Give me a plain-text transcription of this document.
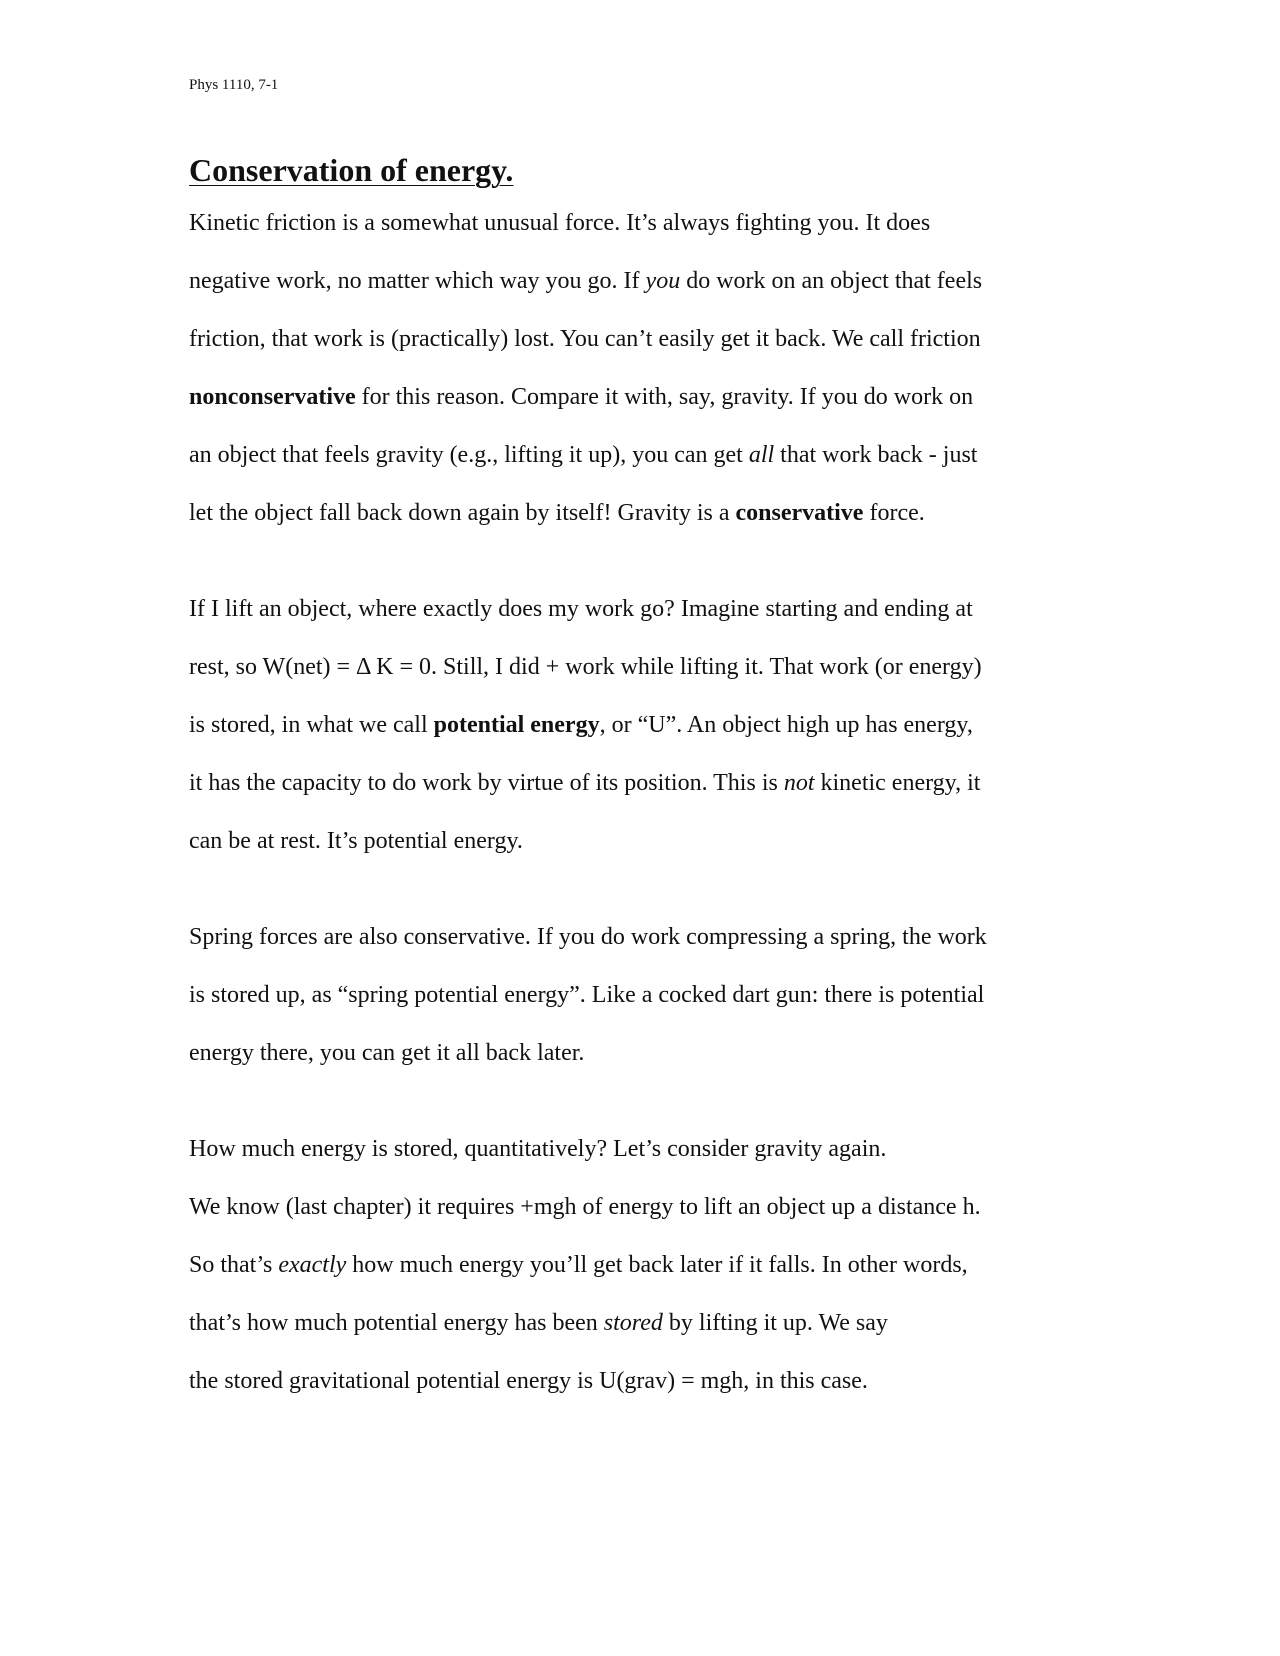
Phys 1110, 7-1
Conservation of energy.
Kinetic friction is a somewhat unusual force. It’s always fighting you. It does
negative work, no matter which way you go. If you do work on an object that feels
friction, that work is (practically) lost. You can’t easily get it back. We call friction
nonconservative for this reason. Compare it with, say, gravity. If you do work on
an object that feels gravity (e.g., lifting it up), you can get all that work back - just
let the object fall back down again by itself! Gravity is a conservative force.
If I lift an object, where exactly does my work go? Imagine starting and ending at
rest, so W(net) = Δ K = 0. Still, I did + work while lifting it. That work (or energy)
is stored, in what we call potential energy, or “U”. An object high up has energy,
it has the capacity to do work by virtue of its position. This is not kinetic energy, it
can be at rest. It’s potential energy.
Spring forces are also conservative. If you do work compressing a spring, the work
is stored up, as “spring potential energy”. Like a cocked dart gun: there is potential
energy there, you can get it all back later.
How much energy is stored, quantitatively? Let’s consider gravity again.
We know (last chapter) it requires +mgh of energy to lift an object up a distance h.
So that’s exactly how much energy you’ll get back later if it falls. In other words,
that’s how much potential energy has been stored by lifting it up. We say
the stored gravitational potential energy is U(grav) = mgh, in this case.
